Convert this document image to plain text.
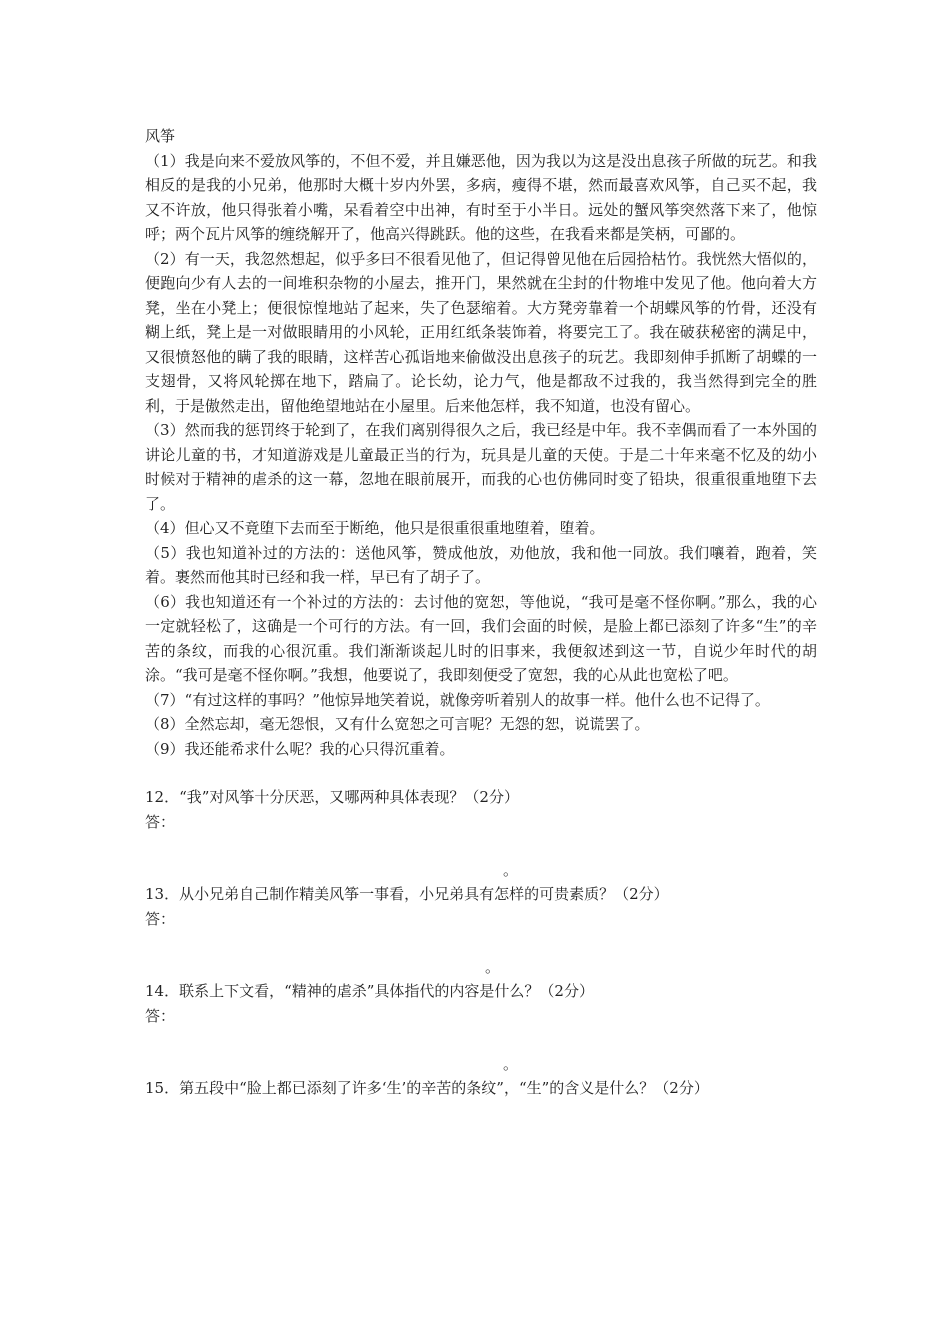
风筝

（1）我是向来不爱放风筝的，不但不爱，并且嫌恶他，因为我以为这是没出息孩子所做的玩艺。和我相反的是我的小兄弟，他那时大概十岁内外罢，多病，瘦得不堪，然而最喜欢风筝，自己买不起，我又不许放，他只得张着小嘴，呆看着空中出神，有时至于小半日。远处的蟹风筝突然落下来了，他惊呼；两个瓦片风筝的缠绕解开了，他高兴得跳跃。他的这些，在我看来都是笑柄，可鄙的。

（2）有一天，我忽然想起，似乎多曰不很看见他了，但记得曾见他在后园拾枯竹。我恍然大悟似的，便跑向少有人去的一间堆积杂物的小屋去，推开门，果然就在尘封的什物堆中发见了他。他向着大方凳，坐在小凳上；便很惊惶地站了起来，失了色瑟缩着。大方凳旁靠着一个胡蝶风筝的竹骨，还没有糊上纸，凳上是一对做眼睛用的小风轮，正用红纸条装饰着，将要完工了。我在破获秘密的满足中，又很愤怒他的瞒了我的眼睛，这样苦心孤诣地来偷做没出息孩子的玩艺。我即刻伸手抓断了胡蝶的一支翅骨，又将风轮掷在地下，踏扁了。论长幼，论力气，他是都敌不过我的，我当然得到完全的胜利，于是傲然走出，留他绝望地站在小屋里。后来他怎样，我不知道，也没有留心。

（3）然而我的惩罚终于轮到了，在我们离别得很久之后，我已经是中年。我不幸偶而看了一本外国的讲论儿童的书，才知道游戏是儿童最正当的行为，玩具是儿童的天使。于是二十年来毫不忆及的幼小时候对于精神的虐杀的这一幕，忽地在眼前展开，而我的心也仿佛同时变了铅块，很重很重地堕下去了。

（4）但心又不竟堕下去而至于断绝，他只是很重很重地堕着，堕着。

（5）我也知道补过的方法的：送他风筝，赞成他放，劝他放，我和他一同放。我们嚷着，跑着，笑着。裹然而他其时已经和我一样，早已有了胡子了。

（6）我也知道还有一个补过的方法的：去讨他的宽恕，等他说，“我可是毫不怪你啊。”那么，我的心一定就轻松了，这确是一个可行的方法。有一回，我们会面的时候，是脸上都已添刻了许多“生”的辛苦的条纹，而我的心很沉重。我们渐渐谈起儿时的旧事来，我便叙述到这一节，自说少年时代的胡涂。“我可是毫不怪你啊。”我想，他要说了，我即刻便受了宽恕，我的心从此也宽松了吧。

（7）“有过这样的事吗？”他惊异地笑着说，就像旁听着别人的故事一样。他什么也不记得了。

（8）全然忘却，毫无怨恨，又有什么宽恕之可言呢？无怨的恕，说谎罢了。

（9）我还能希求什么呢？我的心只得沉重着。

12．“我”对风筝十分厌恶，又哪两种具体表现？（2分）

答：

。

13．从小兄弟自己制作精美风筝一事看，小兄弟具有怎样的可贵素质？（2分）

答：

。

14．联系上下文看，“精神的虐杀”具体指代的内容是什么？（2分）

答：

。

15．第五段中“脸上都已添刻了许多‘生’的辛苦的条纹”，“生”的含义是什么？（2分）
